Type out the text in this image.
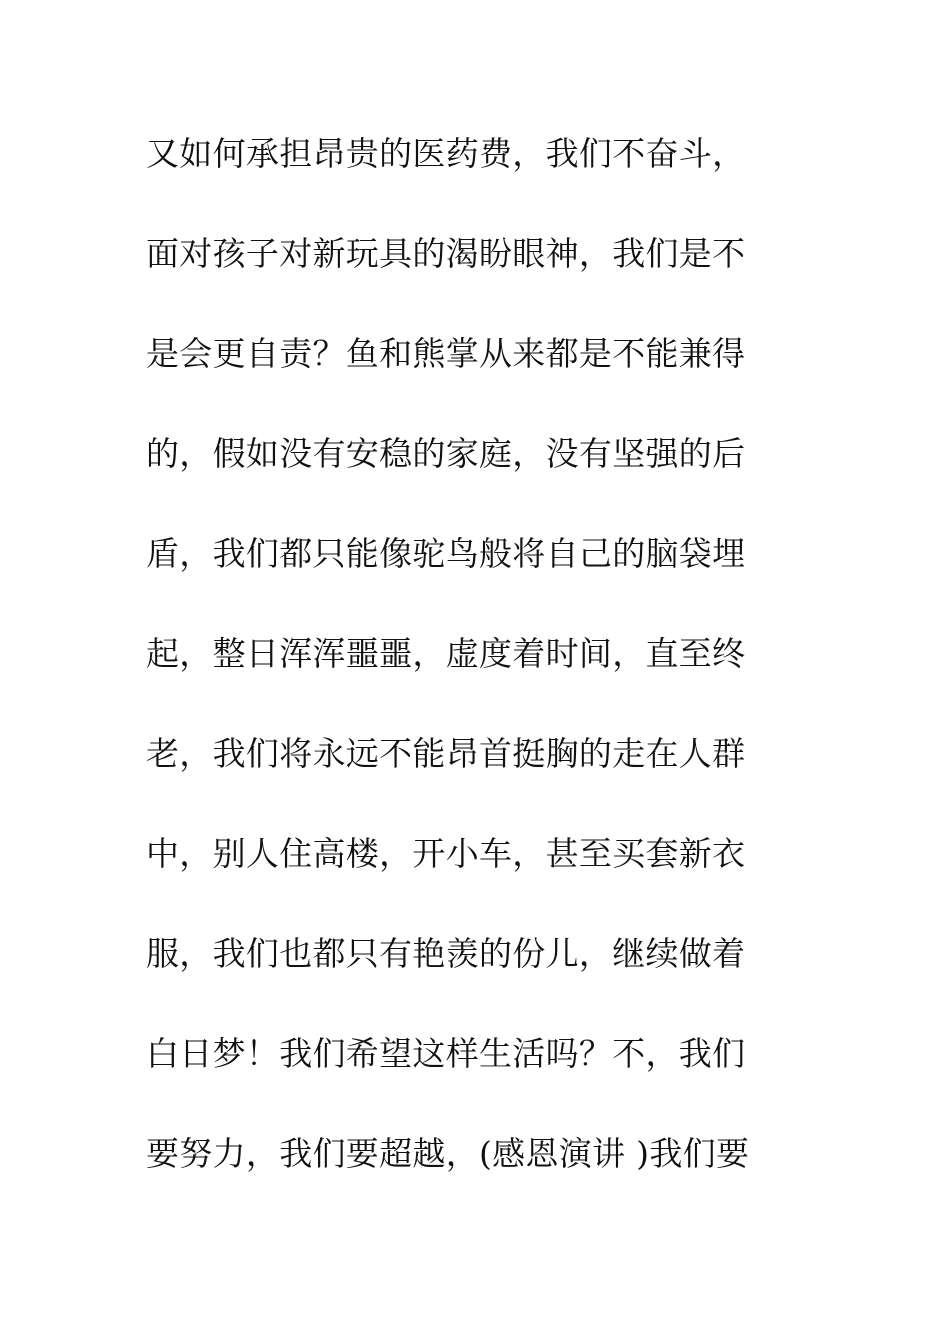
又如何承担昂贵的医药费，我们不奋斗，
面对孩子对新玩具的渴盼眼神，我们是不
是会更自责？鱼和熊掌从来都是不能兼得
的，假如没有安稳的家庭，没有坚强的后
盾，我们都只能像驼鸟般将自己的脑袋埋
起，整日浑浑噩噩，虚度着时间，直至终
老，我们将永远不能昂首挺胸的走在人群
中，别人住高楼，开小车，甚至买套新衣
服，我们也都只有艳羡的份儿，继续做着
白日梦！我们希望这样生活吗？不，我们
要努力，我们要超越，(感恩演讲 )我们要
